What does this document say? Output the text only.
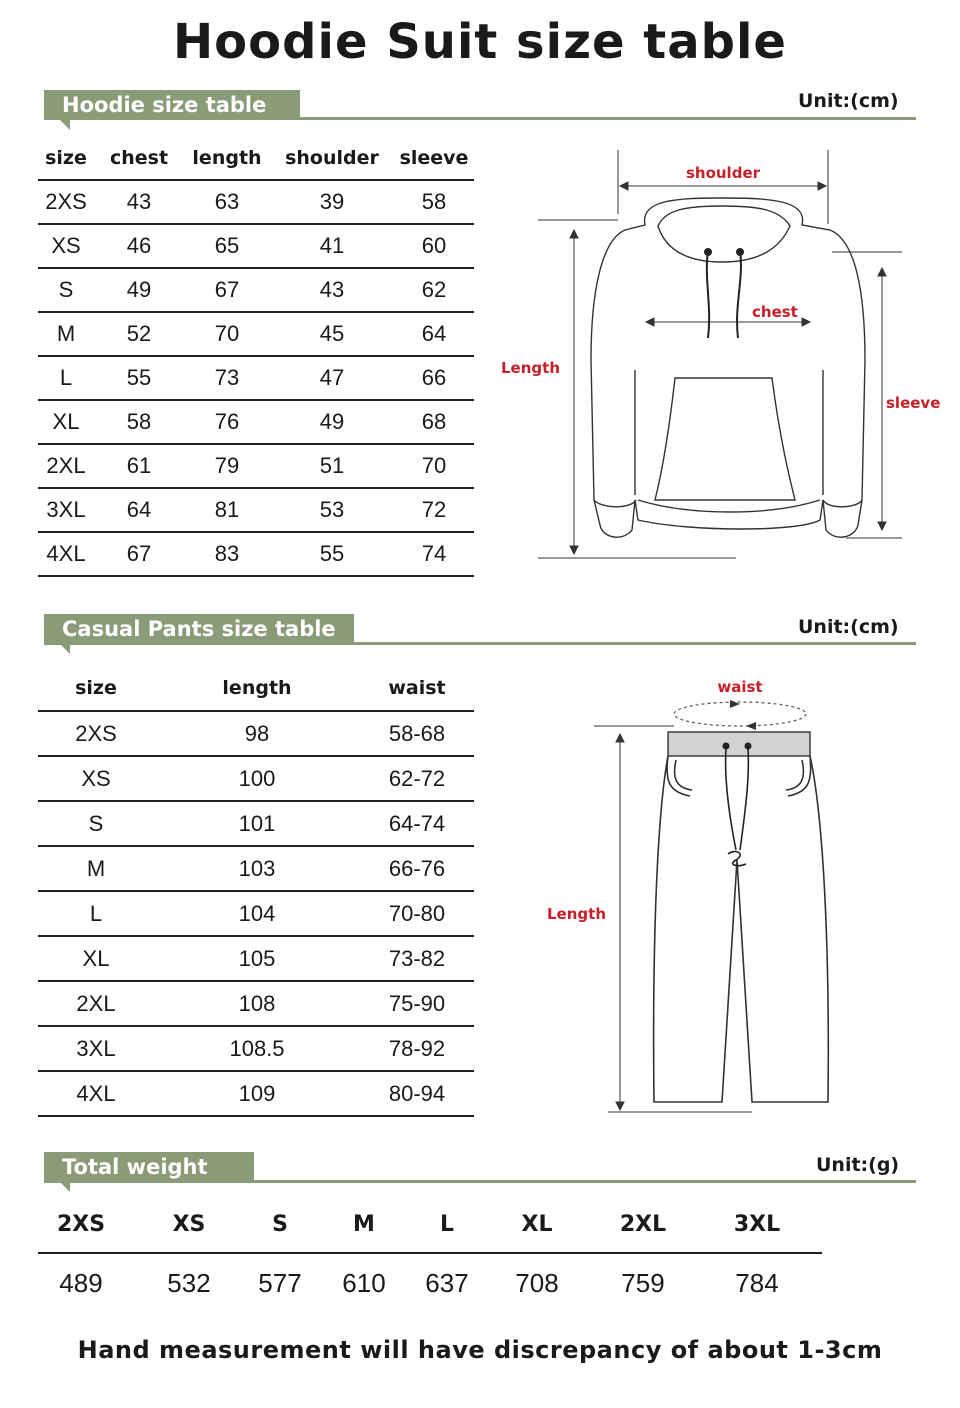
Hoodie Suit size table
Hoodie size table	Unit:(cm)
size	chest	length	shoulder	sleeve
2XS	43	63	39	58
XS	46	65	41	60
S	49	67	43	62
M	52	70	45	64
L	55	73	47	66
XL	58	76	49	68
2XL	61	79	51	70
3XL	64	81	53	72
4XL	67	83	55	74
shoulder
chest
Length
sleeve
Casual Pants size table	Unit:(cm)
size	length	waist
2XS	98	58-68
XS	100	62-72
S	101	64-74
M	103	66-76
L	104	70-80
XL	105	73-82
2XL	108	75-90
3XL	108.5	78-92
4XL	109	80-94
waist
Length
Total weight	Unit:(g)
2XS	XS	S	M	L	XL	2XL	3XL
489	532	577	610	637	708	759	784
Hand measurement will have discrepancy of about 1-3cm
